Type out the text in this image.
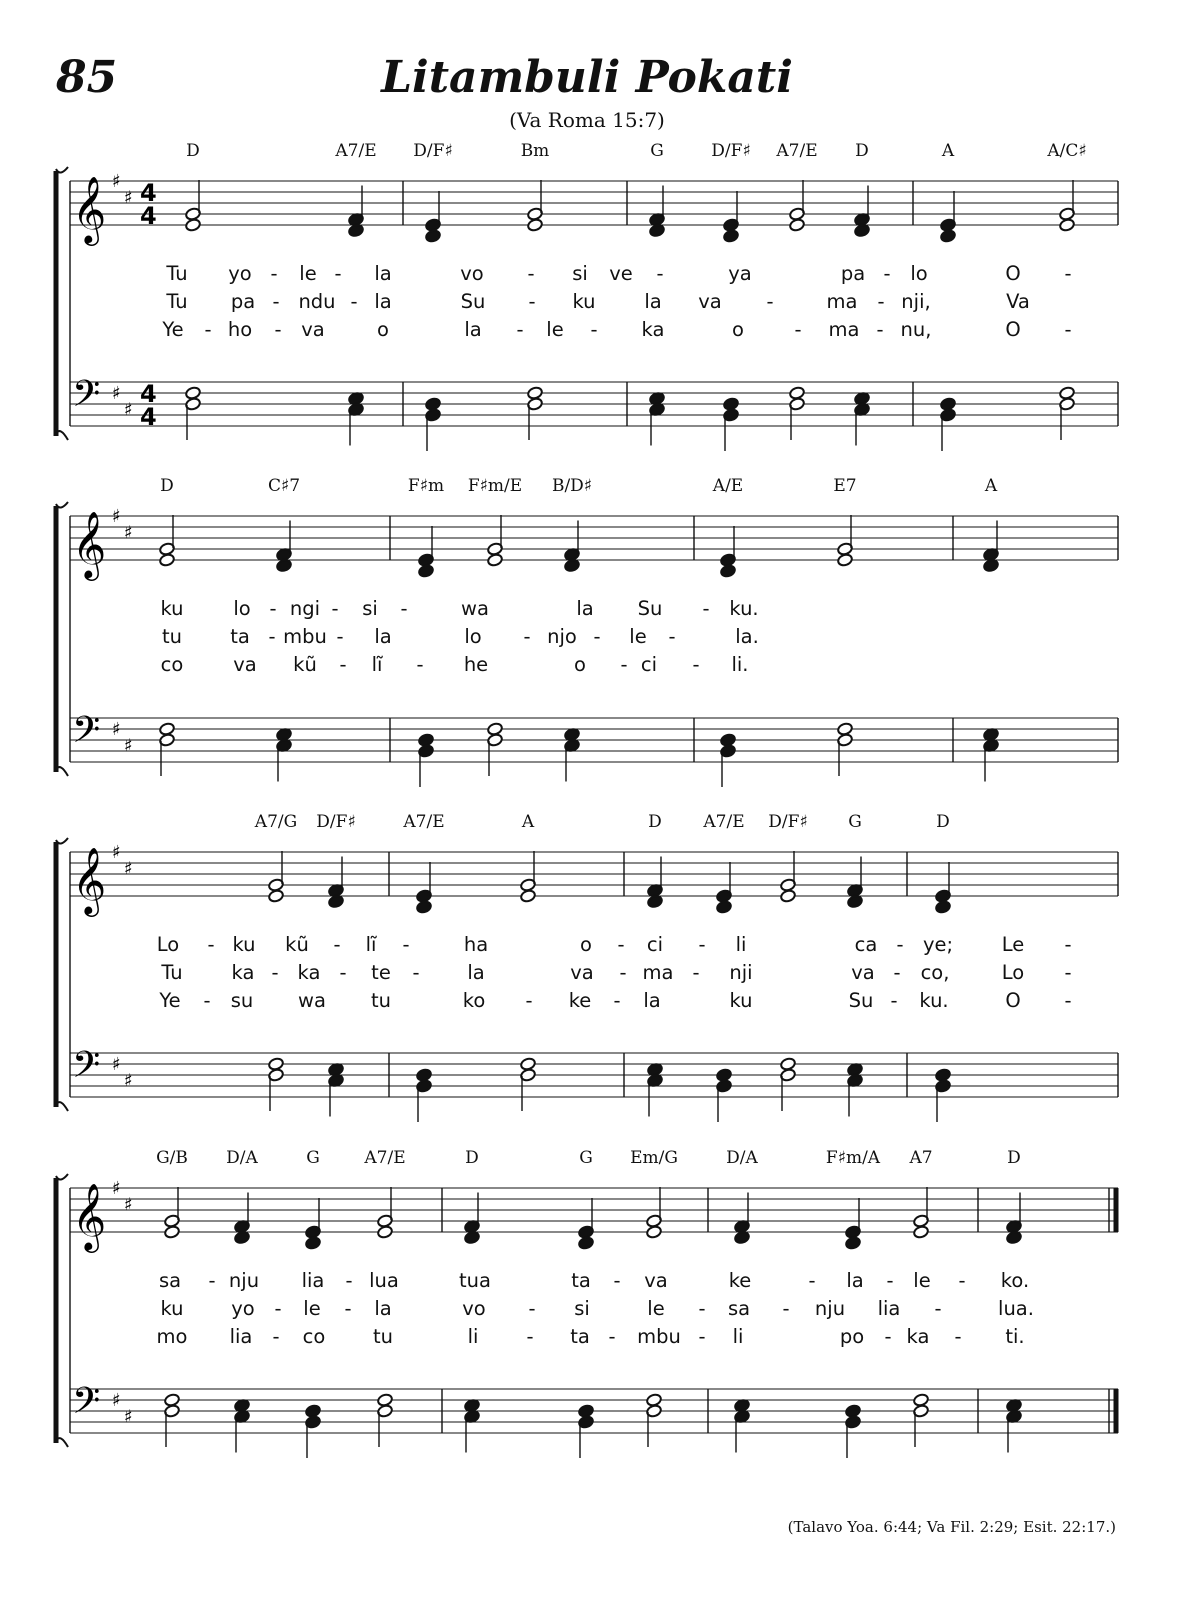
85	Litambuli Pokati
(Va Roma 15:7)
𝄞 ♯
♯ 4
4
𝄢 ♯
♯
4
4
𝄞 ♯
♯
𝄢 ♯
♯
𝄞 ♯
♯
𝄢 ♯
♯
𝄞 ♯
♯
𝄢 ♯
♯
D	A7/E D/F♯	Bm	G	D/F♯ A7/E D	A	A/C♯
Tu yo - le - la	vo - si ve -	ya	pa - lo	O -
Tu pa - ndu - la	Su - ku	la va -	ma - nji,	Va
Ye - ho - va	o	la - le - ka	o	- ma - nu,	O -
D	C♯7	F♯m F♯m/E B/D♯	A/E	E7	A
ku	lo - ngi - si -	wa	la Su - ku.
tu ta - mbu - la	lo - njo - le -	la.
co	va kũ - lĩ - he	o - ci - li.
A7/G D/F♯	A7/E	A	D A7/E D/F♯ G	D
Lo - ku kũ - lĩ -	ha	o - ci - li	ca - ye; Le -
Tu	ka - ka - te - la	va - ma - nji	va - co,	Lo -
Ye - su wa tu	ko - ke - la	ku	Su - ku.	O -
G/B D/A	G	A7/E	D	G Em/G	D/A	F♯m/A A7	D
sa - nju lia - lua	tua	ta - va	ke	- la - le - ko.
ku yo - le - la	vo - si	le - sa - nju lia -	lua.
mo lia - co tu	li - ta - mbu - li	po - ka - ti.
(Talavo Yoa. 6:44; Va Fil. 2:29; Esit. 22:17.)
